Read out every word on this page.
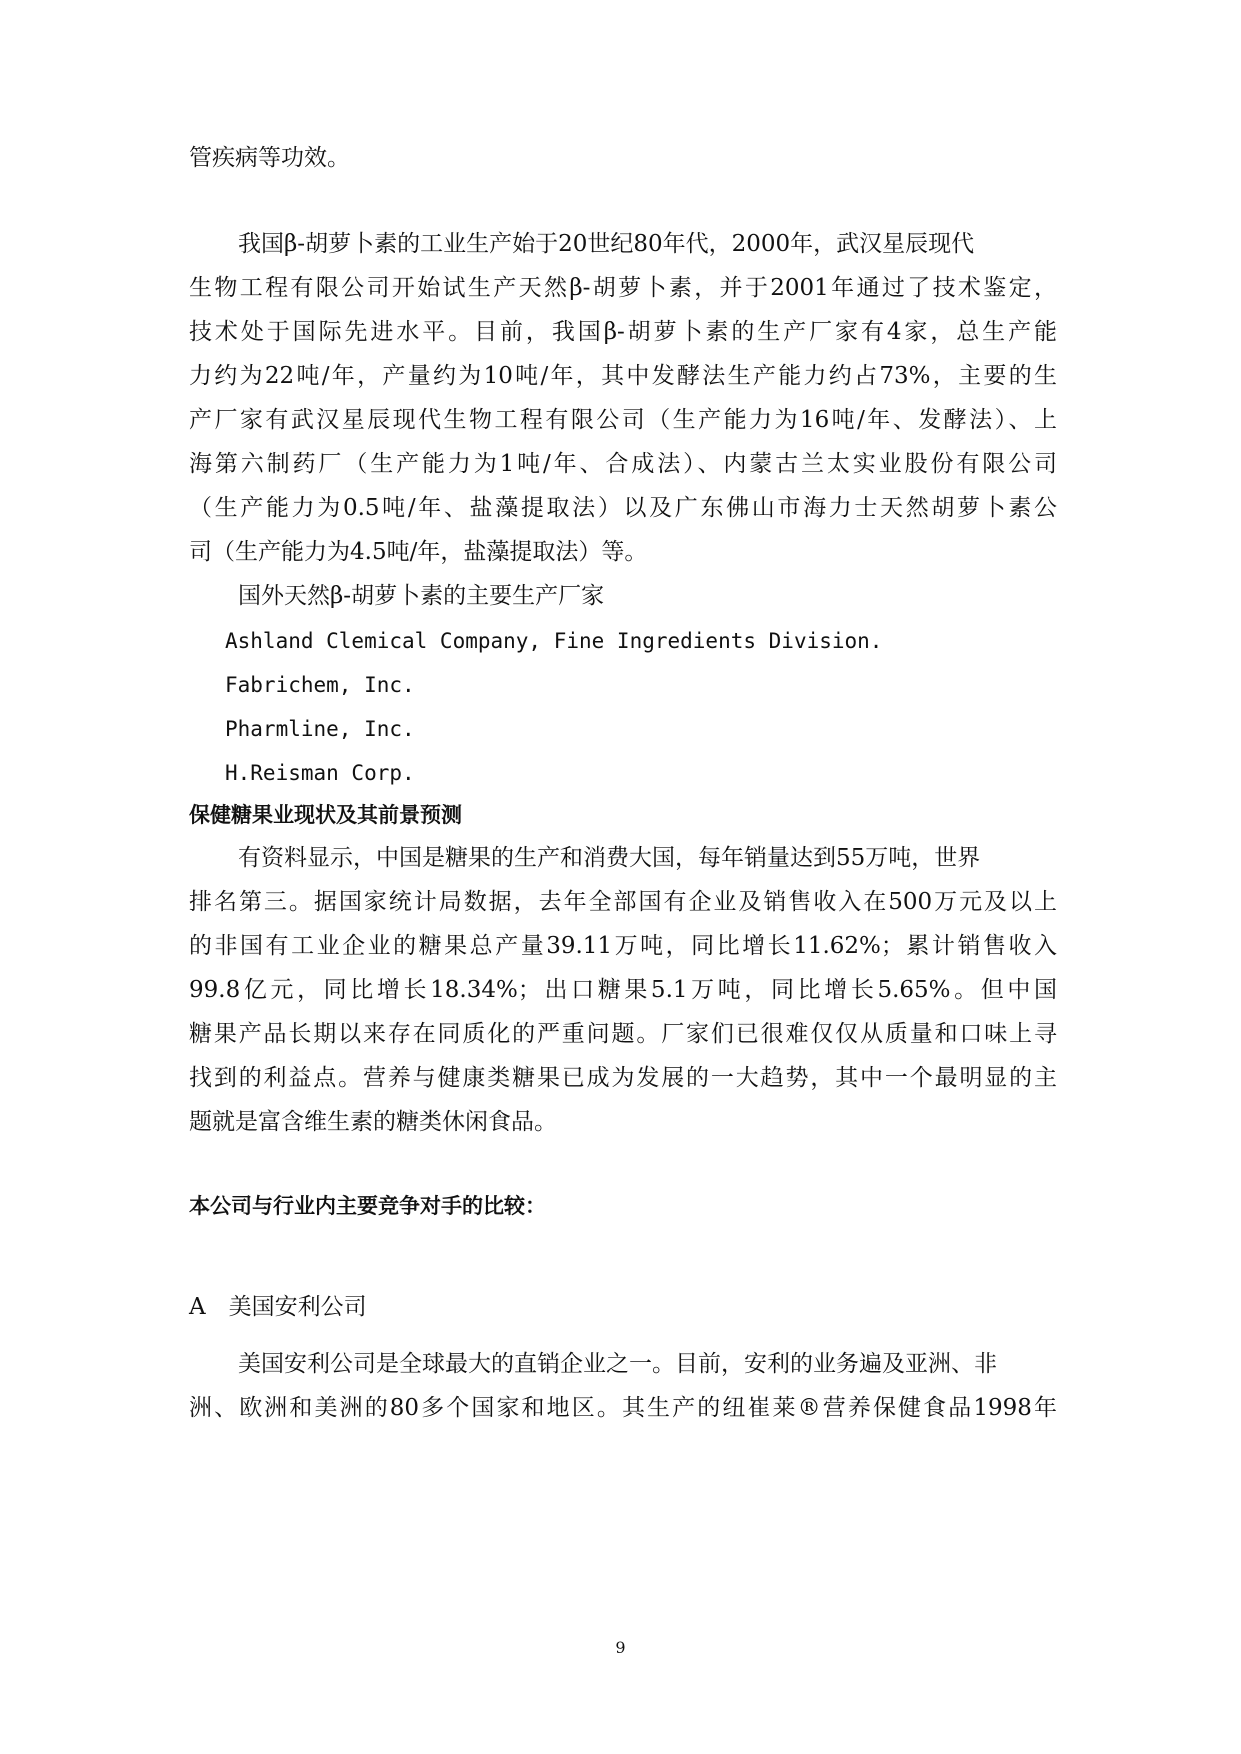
管疾病等功效。
我国β-胡萝卜素的工业生产始于20世纪80年代，2000年，武汉星辰现代
生物工程有限公司开始试生产天然β-胡萝卜素，并于2001年通过了技术鉴定，
技术处于国际先进水平。目前，我国β-胡萝卜素的生产厂家有4家，总生产能
力约为22吨/年，产量约为10吨/年，其中发酵法生产能力约占73%，主要的生
产厂家有武汉星辰现代生物工程有限公司（生产能力为16吨/年、发酵法）、上
海第六制药厂（生产能力为1吨/年、合成法）、内蒙古兰太实业股份有限公司
（生产能力为0.5吨/年、盐藻提取法）以及广东佛山市海力士天然胡萝卜素公
司（生产能力为4.5吨/年，盐藻提取法）等。
国外天然β-胡萝卜素的主要生产厂家
Ashland Clemical Company, Fine Ingredients Division.
Fabrichem, Inc.
Pharmline, Inc.
H.Reisman Corp.
保健糖果业现状及其前景预测
有资料显示，中国是糖果的生产和消费大国，每年销量达到55万吨，世界
排名第三。据国家统计局数据，去年全部国有企业及销售收入在500万元及以上
的非国有工业企业的糖果总产量39.11万吨，同比增长11.62%；累计销售收入
99.8亿元，同比增长18.34%；出口糖果5.1万吨，同比增长5.65%。但中国
糖果产品长期以来存在同质化的严重问题。厂家们已很难仅仅从质量和口味上寻
找到的利益点。营养与健康类糖果已成为发展的一大趋势，其中一个最明显的主
题就是富含维生素的糖类休闲食品。
本公司与行业内主要竞争对手的比较：
A　美国安利公司
美国安利公司是全球最大的直销企业之一。目前，安利的业务遍及亚洲、非
洲、欧洲和美洲的80多个国家和地区。其生产的纽崔莱®营养保健食品1998年
9
